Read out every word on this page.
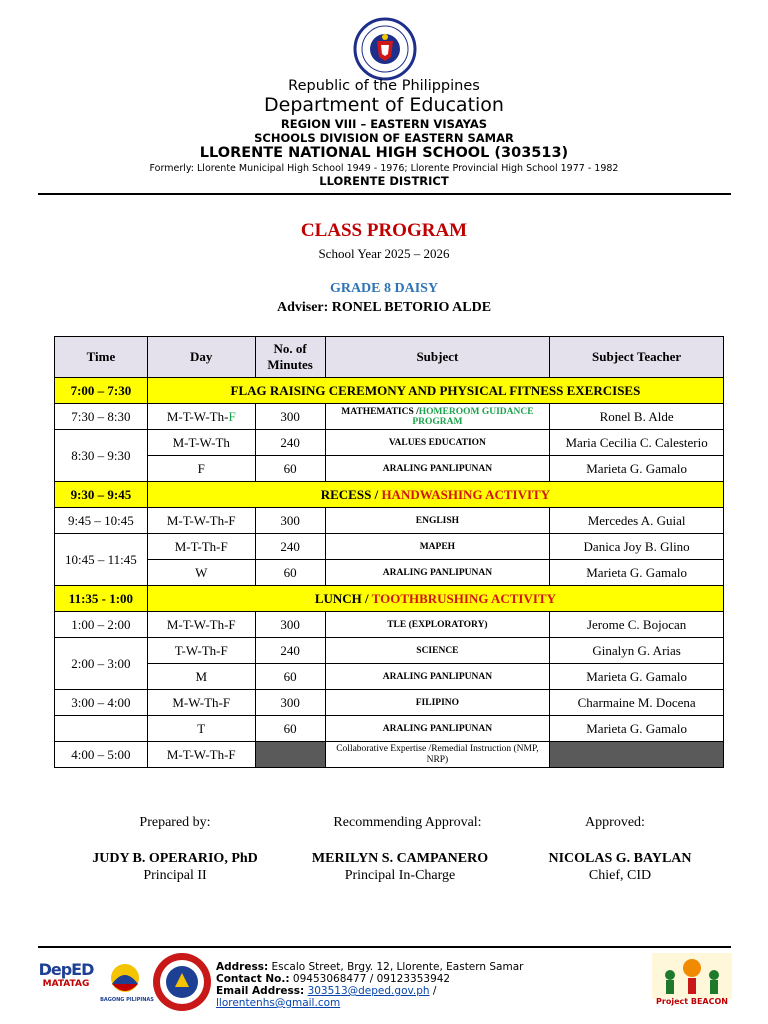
Republic of the Philippines
Department of Education
REGION VIII – EASTERN VISAYAS
SCHOOLS DIVISION OF EASTERN SAMAR
LLORENTE NATIONAL HIGH SCHOOL (303513)
Formerly: Llorente Municipal High School 1949 - 1976; Llorente Provincial High School 1977 - 1982
LLORENTE DISTRICT
CLASS PROGRAM
School Year 2025 – 2026
GRADE 8 DAISY
Adviser: RONEL BETORIO ALDE
Time	Day	No. of Minutes	Subject	Subject Teacher
7:00 – 7:30	FLAG RAISING CEREMONY AND PHYSICAL FITNESS EXERCISES			
7:30 – 8:30	M-T-W-Th-F	300	MATHEMATICS /HOMEROOM GUIDANCE PROGRAM	Ronel B. Alde
8:30 – 9:30	M-T-W-Th	240	VALUES EDUCATION	Maria Cecilia C. Calesterio
	F	60	ARALING PANLIPUNAN	Marieta G. Gamalo
9:30 – 9:45	RECESS / HANDWASHING ACTIVITY			
9:45 – 10:45	M-T-W-Th-F	300	ENGLISH	Mercedes A. Guial
10:45 – 11:45	M-T-Th-F	240	MAPEH	Danica Joy B. Glino
	W	60	ARALING PANLIPUNAN	Marieta G. Gamalo
11:35 - 1:00	LUNCH / TOOTHBRUSHING ACTIVITY			
1:00 – 2:00	M-T-W-Th-F	300	TLE (EXPLORATORY)	Jerome C. Bojocan
2:00 – 3:00	T-W-Th-F	240	SCIENCE	Ginalyn G. Arias
	M	60	ARALING PANLIPUNAN	Marieta G. Gamalo
3:00 – 4:00	M-W-Th-F	300	FILIPINO	Charmaine M. Docena
	T	60	ARALING PANLIPUNAN	Marieta G. Gamalo
4:00 – 5:00	M-T-W-Th-F		Collaborative Expertise /Remedial Instruction (NMP, NRP)	
Prepared by:	Recommending Approval:	Approved:
JUDY B. OPERARIO, PhD
Principal II
MERILYN S. CAMPANERO
Principal In-Charge
NICOLAS G. BAYLAN
Chief, CID
DepED
MATATAG
BAGONG PILIPINAS
Address: Escalo Street, Brgy. 12, Llorente, Eastern Samar
Contact No.: 09453068477 / 09123353942
Email Address: 303513@deped.gov.ph /
llorentenhs@gmail.com	Project BEACON
